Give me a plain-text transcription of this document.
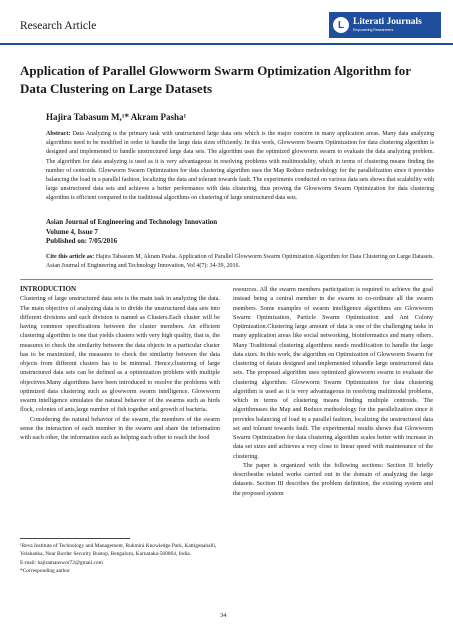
Research Article	L Literati Journals
Empowering Researchers
Application of Parallel Glowworm Swarm Optimization Algorithm for Data Clustering on Large Datasets
Hajira Tabasum M,¹* Akram Pasha¹

Abstract: Data Analyzing is the primary task with unstructured large data sets which is the major concern in many application areas. Many data analyzing algorithms need to be modified in order to handle the large data sizes efficiently. In this work, Glowworm Swarm Optimization for data clustering algorithm is designed and implemented to handle unstructured large data sets. The algorithm uses the optimized glowworm swarm to evaluate the data analyzing problem. The algorithm for data analyzing is used as it is very advantageous in resolving problems with multimodality, which in terms of clustering means finding the number of centroids. Glowworm Swarm Optimization for data clustering algorithm uses the Map Reduce methodology for the parallelization since it provides balancing the load in a parallel fashion, localizing the data and tolerant towards fault. The experiments conducted on various data sets shows that scalability with large unstructured data sets and achieves a better performance with data clustering, thus proving the Glowworm Swarm Optimization for data clustering algorithm is efficient compared to the traditional algorithms on clustering of large unstructured data sets.

Asian Journal of Engineering and Technology Innovation
Volume 4, Issue 7
Published on: 7/05/2016

Cite this article as: Hajira Tabasum M, Akram Pasha. Application of Parallel Glowworm Swarm Optimization Algorithm for Data Clustering on Large Datasets. Asian Journal of Engineering and Technology Innovation, Vol 4(7): 34-39, 2016.

INTRODUCTION

Clustering of large unstructured data sets is the main task in analyzing the data. The main objective of analyzing data is to divide the unstructured data sets into different divisions and each division is named as Clusters.Each cluster will be having common specifications between the cluster members. An efficient clustering algorithm is one that yields clusters with very high quality, that is, the measures to check the similarity between the data objects in a particular cluster has to be maximized, the measures to check the similarity between the data objects from different clusters has to be minimal. Hence,clustering of large unstructured data sets can be defined as a optimization problem with multiple objectives.Many algorithms have been introduced to resolve the problems with optimized data clustering such as glowworm swarm intelligence. Glowworm swarm intelligence simulates the natural behavior of the swarms such as birds flock, colonies of ants,large number of fish together and growth of bacteria.

Considering the natural behavior of the swarm, the members of the swarm sense the interaction of each member in the swarm and share the information with each other, the information such as helping each other to reach the food

resources. All the swarm members participation is required to achieve the goal instead being a central member in the swarm to co-ordinate all the swarm members. Some examples of swarm intelligence algorithms are Glowworm Swarm Optimization, Particle Swarm Optimization and Ant Colony Optimization.Clustering large amount of data is one of the challenging tasks in many application areas like social networking, bioinformatics and many others. Many Traditional clustering algorithms needs modification to handle the large data sizes. In this work, the algorithm on Optimization of Glowworm Swarm for clustering of datais designed and implemented tohandle large unstructured data sets. The proposed algorithm uses optimized glowworm swarm to evaluate the clustering algorithm. Glowworm Swarm Optimization for data clustering algorithm is used as it is very advantageous in resolving multimodal problems, which in terms of clustering means finding multiple centroids. The algorithmuses the Map and Reduce methodology for the parallelization since it provides balancing of load in a parallel fashion, localizing the unstructured data set and tolerant towards fault. The experimental results shows that Glowworm Swarm Optimization for data clustering algorithm scales better with increase in data set sizes and achieves a very close to linear speed with maintenance of the clustering.

The paper is organized with the following sections: Section II briefly describesthe related works carried out in the domain of analyzing the large datasets. Section III describes the problem definition, the existing system and the proposed system

¹Reva Institute of Technology and Management, Rukmini Knowledge Park, Kattigenahalli, Yelahanka, Near Border Security Bustop, Bengaluru, Karnataka-560064, India.

E-mail: hajiramanswor72@gmail.com

*Corresponding author

34
